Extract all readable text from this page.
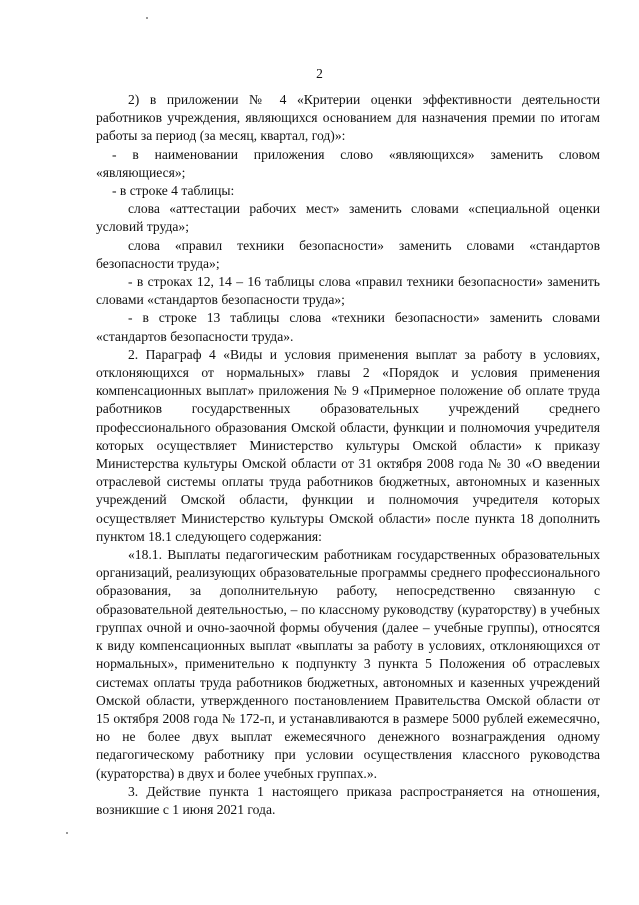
2

2) в приложении № 4 «Критерии оценки эффективности деятельности работников учреждения, являющихся основанием для назначения премии по итогам работы за период (за месяц, квартал, год)»:

- в наименовании приложения слово «являющихся» заменить словом «являющиеся»;

- в строке 4 таблицы:

слова «аттестации рабочих мест» заменить словами «специальной оценки условий труда»;

слова «правил техники безопасности» заменить словами «стандартов безопасности труда»;

- в строках 12, 14 – 16 таблицы слова «правил техники безопасности» заменить словами «стандартов безопасности труда»;

- в строке 13 таблицы слова «техники безопасности» заменить словами «стандартов безопасности труда».

2. Параграф 4 «Виды и условия применения выплат за работу в условиях, отклоняющихся от нормальных» главы 2 «Порядок и условия применения компенсационных выплат» приложения № 9 «Примерное положение об оплате труда работников государственных образовательных учреждений среднего профессионального образования Омской области, функции и полномочия учредителя которых осуществляет Министерство культуры Омской области» к приказу Министерства культуры Омской области от 31 октября 2008 года № 30 «О введении отраслевой системы оплаты труда работников бюджетных, автономных и казенных учреждений Омской области, функции и полномочия учредителя которых осуществляет Министерство культуры Омской области» после пункта 18 дополнить пунктом 18.1 следующего содержания:

«18.1. Выплаты педагогическим работникам государственных образовательных организаций, реализующих образовательные программы среднего профессионального образования, за дополнительную работу, непосредственно связанную с образовательной деятельностью, – по классному руководству (кураторству) в учебных группах очной и очно-заочной формы обучения (далее – учебные группы), относятся к виду компенсационных выплат «выплаты за работу в условиях, отклоняющихся от нормальных», применительно к подпункту 3 пункта 5 Положения об отраслевых системах оплаты труда работников бюджетных, автономных и казенных учреждений Омской области, утвержденного постановлением Правительства Омской области от 15 октября 2008 года № 172-п, и устанавливаются в размере 5000 рублей ежемесячно, но не более двух выплат ежемесячного денежного вознаграждения одному педагогическому работнику при условии осуществления классного руководства (кураторства) в двух и более учебных группах.».

3. Действие пункта 1 настоящего приказа распространяется на отношения, возникшие с 1 июня 2021 года.
